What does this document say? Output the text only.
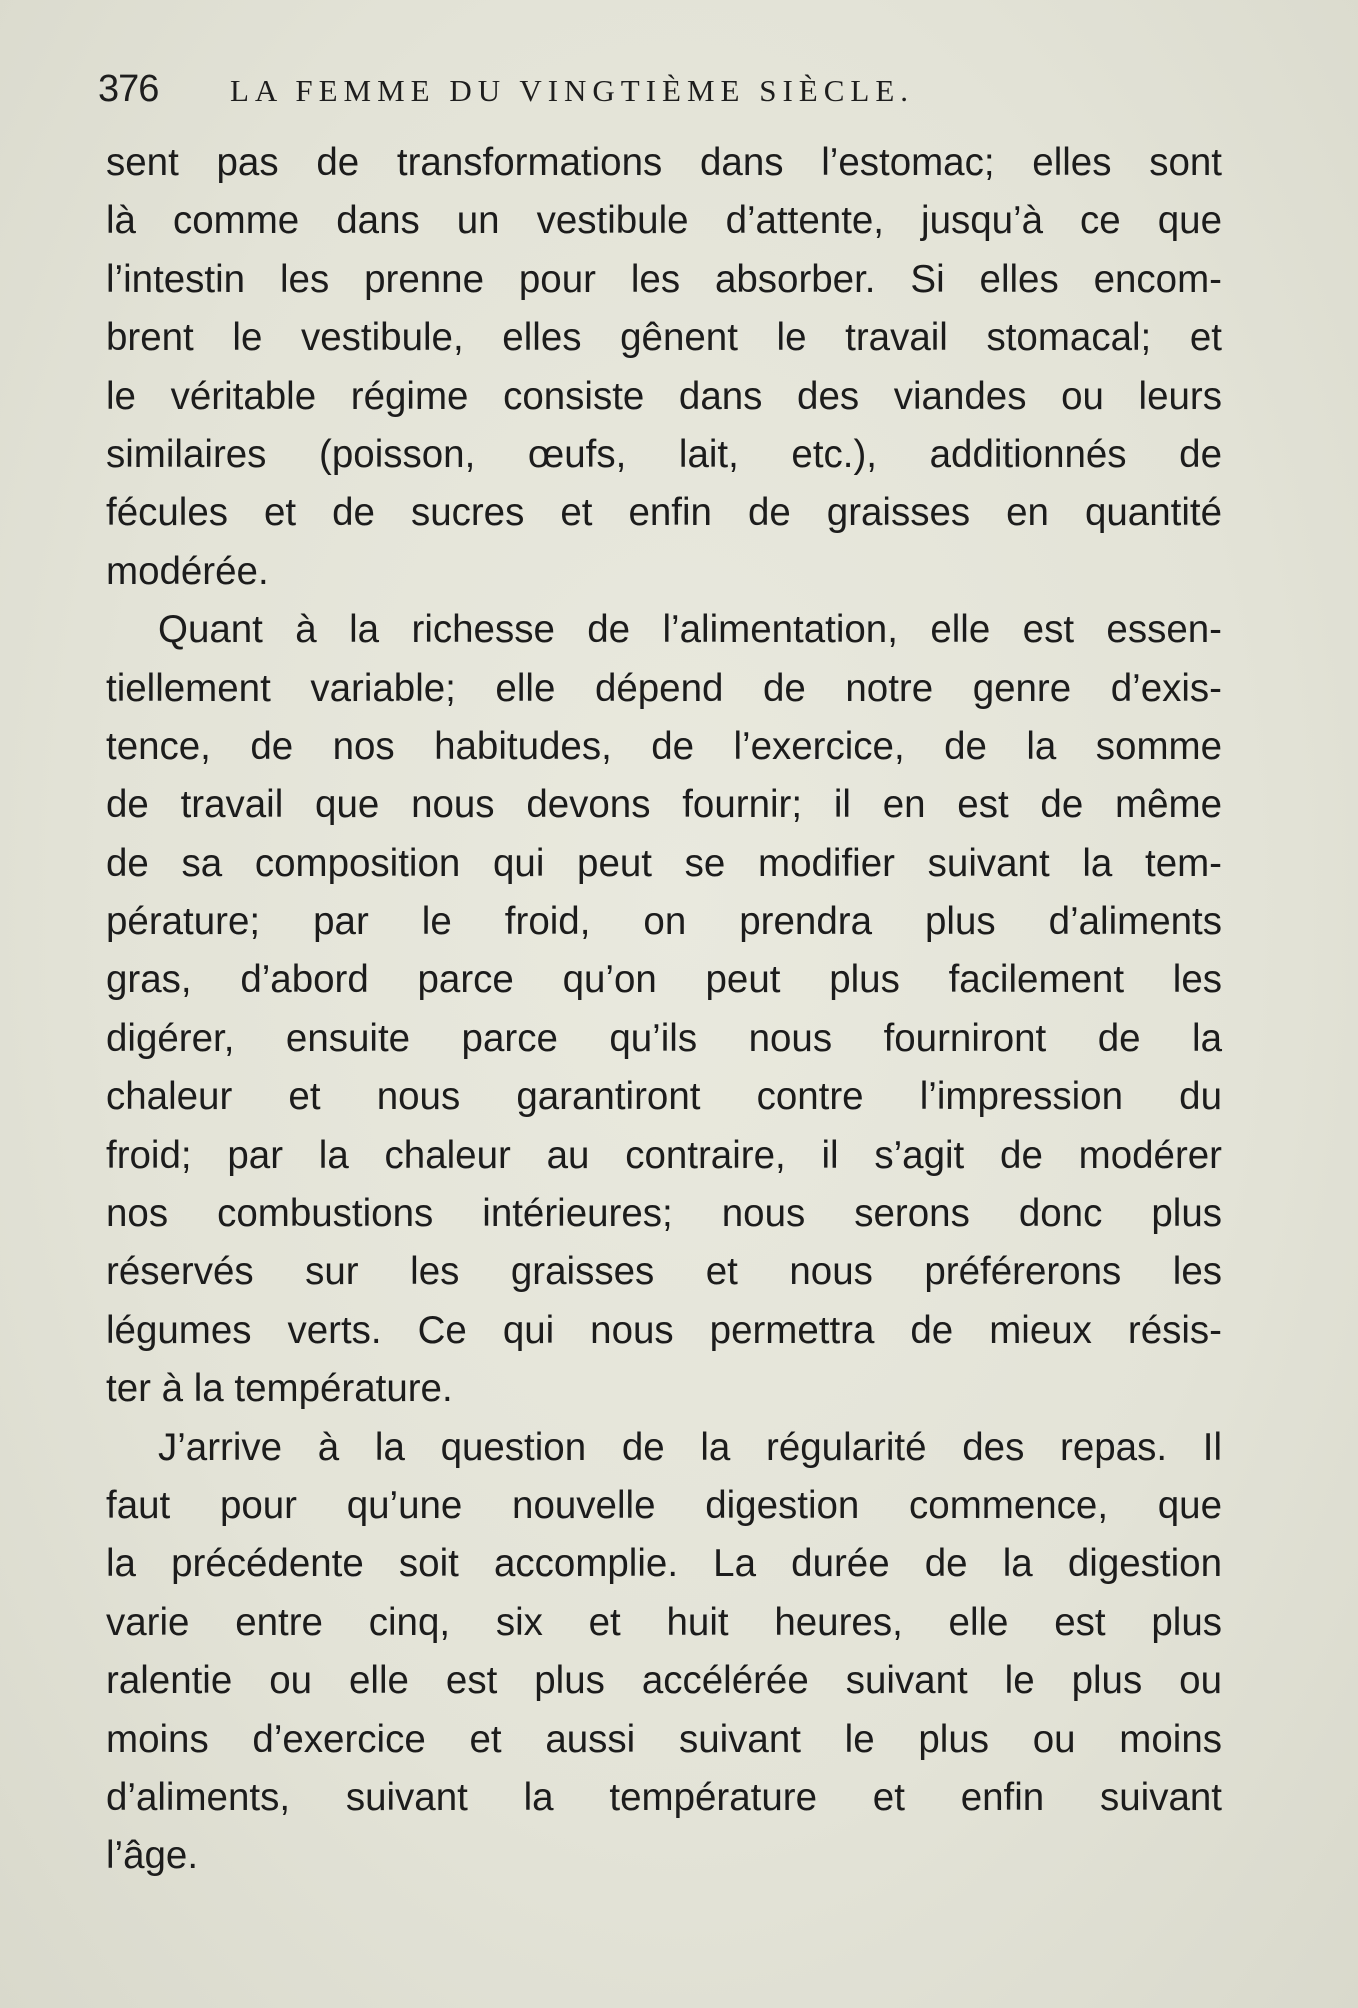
376 LA FEMME DU VINGTIÈME SIÈCLE.

sent pas de transformations dans l’estomac; elles sont
là comme dans un vestibule d’attente, jusqu’à ce que
l’intestin les prenne pour les absorber. Si elles encom-
brent le vestibule, elles gênent le travail stomacal; et
le véritable régime consiste dans des viandes ou leurs
similaires (poisson, œufs, lait, etc.), additionnés de
fécules et de sucres et enfin de graisses en quantité
modérée.

Quant à la richesse de l’alimentation, elle est essen-
tiellement variable; elle dépend de notre genre d’exis-
tence, de nos habitudes, de l’exercice, de la somme
de travail que nous devons fournir; il en est de même
de sa composition qui peut se modifier suivant la tem-
pérature; par le froid, on prendra plus d’aliments
gras, d’abord parce qu’on peut plus facilement les
digérer, ensuite parce qu’ils nous fourniront de la
chaleur et nous garantiront contre l’impression du
froid; par la chaleur au contraire, il s’agit de modérer
nos combustions intérieures; nous serons donc plus
réservés sur les graisses et nous préférerons les
légumes verts. Ce qui nous permettra de mieux résis-
ter à la température.

J’arrive à la question de la régularité des repas. Il
faut pour qu’une nouvelle digestion commence, que
la précédente soit accomplie. La durée de la digestion
varie entre cinq, six et huit heures, elle est plus
ralentie ou elle est plus accélérée suivant le plus ou
moins d’exercice et aussi suivant le plus ou moins
d’aliments, suivant la température et enfin suivant
l’âge.
